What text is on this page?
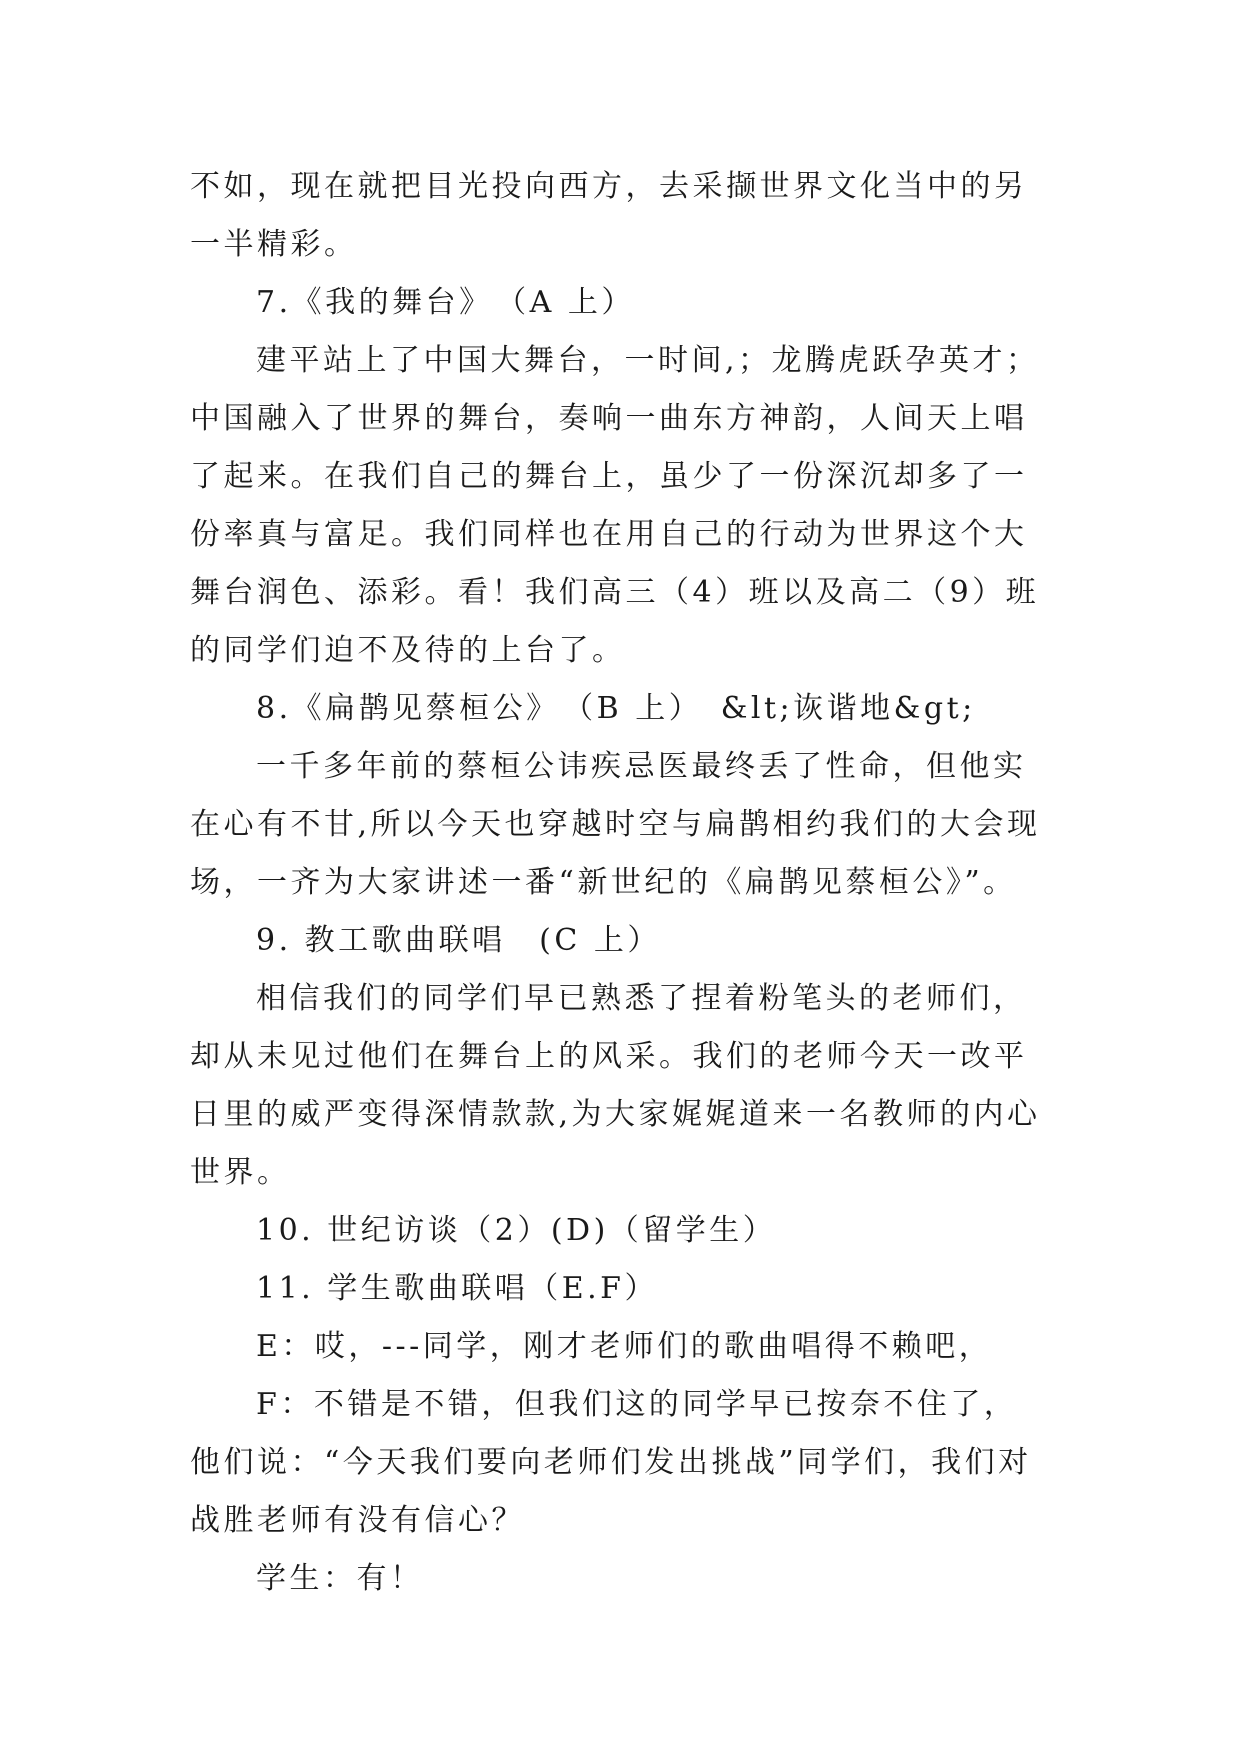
不如，现在就把目光投向西方，去采撷世界文化当中的另一半精彩。

7.《我的舞台》　（A 上）

建平站上了中国大舞台，一时间,；龙腾虎跃孕英才；中国融入了世界的舞台，奏响一曲东方神韵，人间天上唱了起来。在我们自己的舞台上，虽少了一份深沉却多了一份率真与富足。我们同样也在用自己的行动为世界这个大舞台润色、添彩。看！我们高三（4）班以及高二（9）班的同学们迫不及待的上台了。

8.《扁鹊见蔡桓公》　（B 上）　&lt;诙谐地&gt;

一千多年前的蔡桓公讳疾忌医最终丢了性命，但他实在心有不甘,所以今天也穿越时空与扁鹊相约我们的大会现场，一齐为大家讲述一番“新世纪的《扁鹊见蔡桓公》”。

9. 教工歌曲联唱　(C 上）

相信我们的同学们早已熟悉了捏着粉笔头的老师们，却从未见过他们在舞台上的风采。我们的老师今天一改平日里的威严变得深情款款,为大家娓娓道来一名教师的内心世界。

10. 世纪访谈（2）(D)（留学生）

11. 学生歌曲联唱（E.F）

E：哎，---同学，刚才老师们的歌曲唱得不赖吧，

F：不错是不错，但我们这的同学早已按奈不住了，他们说：“今天我们要向老师们发出挑战”同学们，我们对战胜老师有没有信心？

学生：有！
